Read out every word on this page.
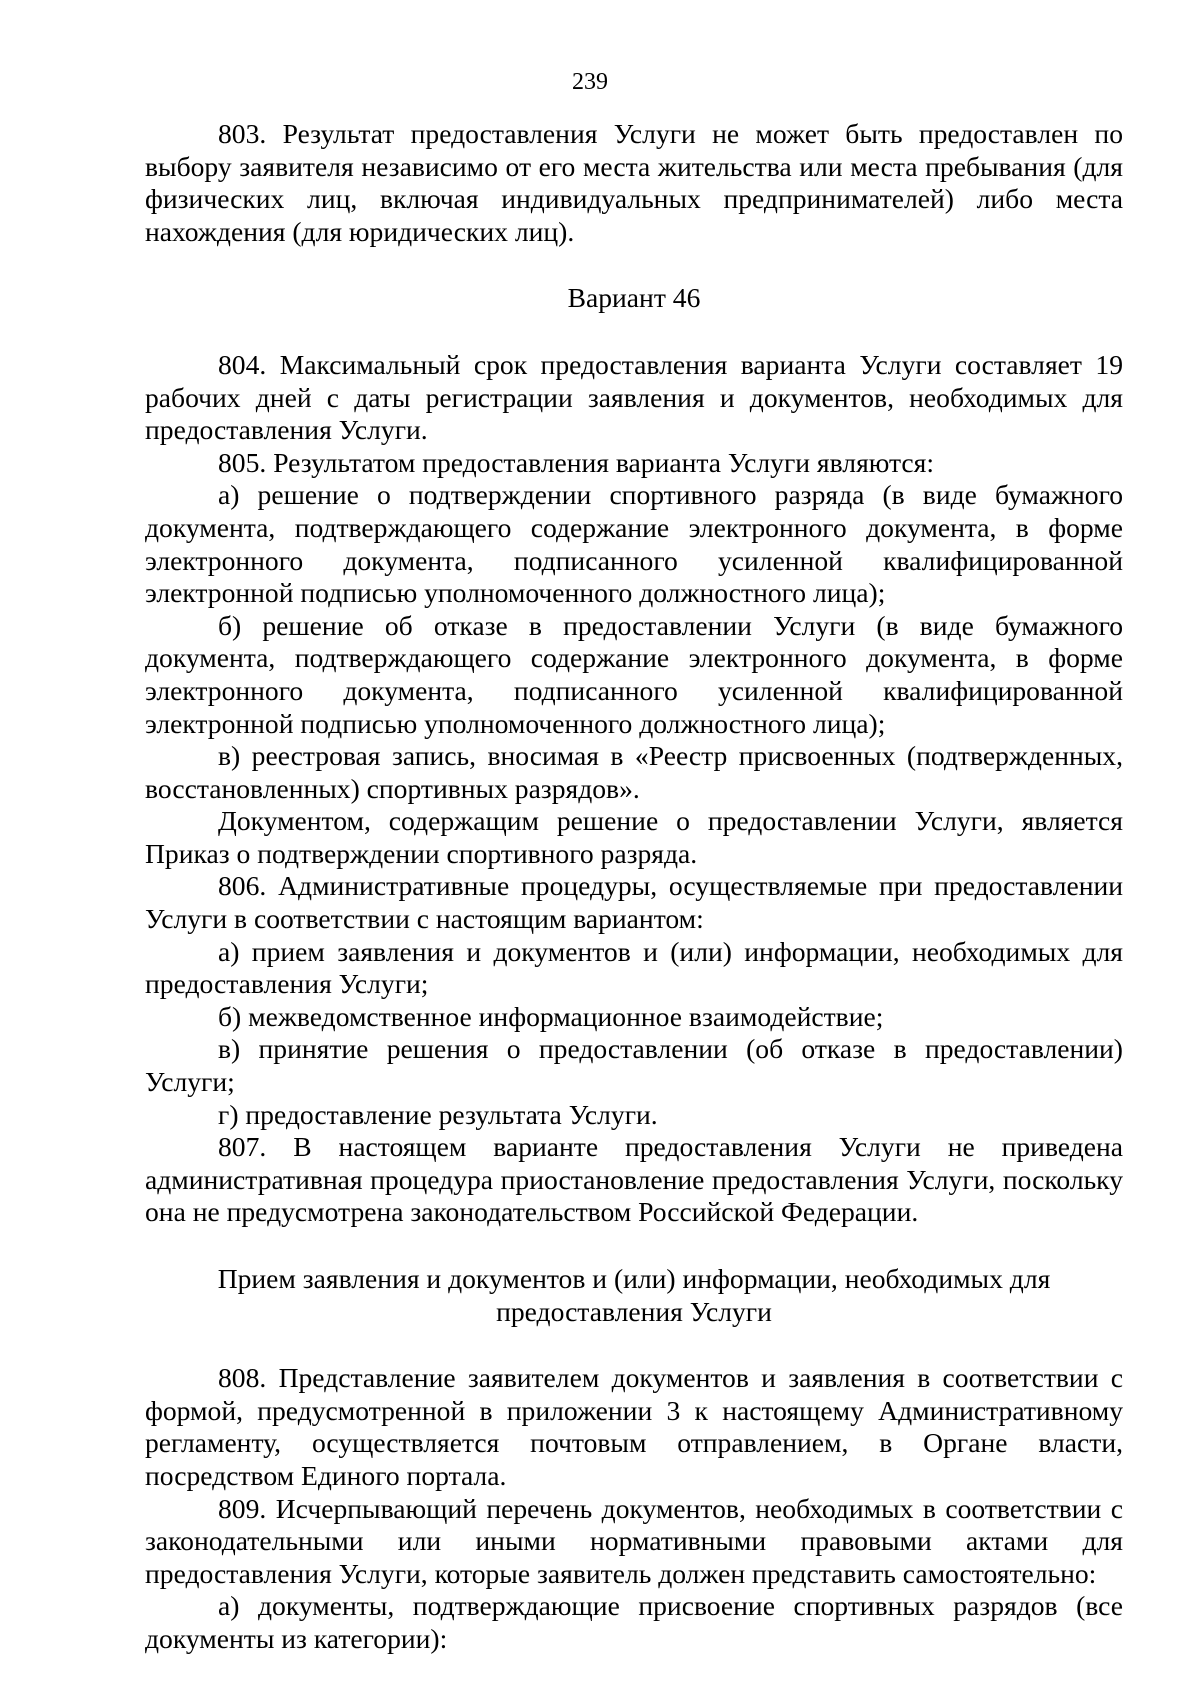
239

803. Результат предоставления Услуги не может быть предоставлен по выбору заявителя независимо от его места жительства или места пребывания (для физических лиц, включая индивидуальных предпринимателей) либо места нахождения (для юридических лиц).

Вариант 46

804. Максимальный срок предоставления варианта Услуги составляет 19 рабочих дней с даты регистрации заявления и документов, необходимых для предоставления Услуги.

805. Результатом предоставления варианта Услуги являются:

а) решение о подтверждении спортивного разряда (в виде бумажного документа, подтверждающего содержание электронного документа, в форме электронного документа, подписанного усиленной квалифицированной электронной подписью уполномоченного должностного лица);

б) решение об отказе в предоставлении Услуги (в виде бумажного документа, подтверждающего содержание электронного документа, в форме электронного документа, подписанного усиленной квалифицированной электронной подписью уполномоченного должностного лица);

в) реестровая запись, вносимая в «Реестр присвоенных (подтвержденных, восстановленных) спортивных разрядов».

Документом, содержащим решение о предоставлении Услуги, является Приказ о подтверждении спортивного разряда.

806. Административные процедуры, осуществляемые при предоставлении Услуги в соответствии с настоящим вариантом:

а) прием заявления и документов и (или) информации, необходимых для предоставления Услуги;

б) межведомственное информационное взаимодействие;

в) принятие решения о предоставлении (об отказе в предоставлении) Услуги;

г) предоставление результата Услуги.

807. В настоящем варианте предоставления Услуги не приведена административная процедура приостановление предоставления Услуги, поскольку она не предусмотрена законодательством Российской Федерации.

Прием заявления и документов и (или) информации, необходимых для предоставления Услуги

808. Представление заявителем документов и заявления в соответствии с формой, предусмотренной в приложении 3 к настоящему Административному регламенту, осуществляется почтовым отправлением, в Органе власти, посредством Единого портала.

809. Исчерпывающий перечень документов, необходимых в соответствии с законодательными или иными нормативными правовыми актами для предоставления Услуги, которые заявитель должен представить самостоятельно:

а) документы, подтверждающие присвоение спортивных разрядов (все документы из категории):
